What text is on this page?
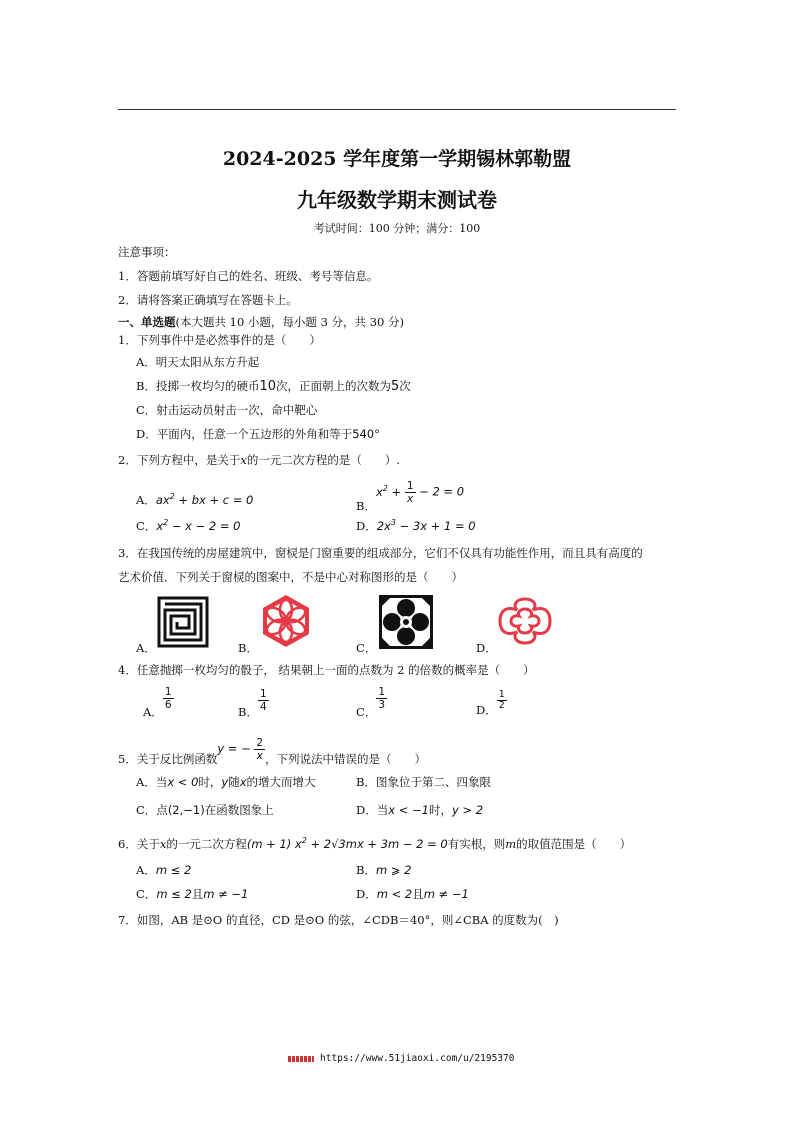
2024-2025 学年度第一学期锡林郭勒盟
九年级数学期末测试卷
考试时间：100 分钟；满分：100
注意事项：
1．答题前填写好自己的姓名、班级、考号等信息。
2．请将答案正确填写在答题卡上。
一、单选题(本大题共 10 小题，每小题 3 分，共 30 分)
1．下列事件中是必然事件的是（　　）
A．明天太阳从东方升起
B．投掷一枚均匀的硬币10次，正面朝上的次数为5次
C．射击运动员射击一次，命中靶心
D．平面内，任意一个五边形的外角和等于540°
2．下列方程中，是关于x的一元二次方程的是（　　）.
A．$ax^2$ + bx + c = 0	B．$x^2 + \frac{1}{x} - 2 = 0$
C．$x^2 - x - 2 = 0$	D．$2x^3 - 3x + 1 = 0$
3．在我国传统的房屋建筑中，窗棂是门窗重要的组成部分，它们不仅具有功能性作用，而且具有高度的
艺术价值．下列关于窗棂的图案中，不是中心对称图形的是（　　）
A．	B．	C．	D．
4．任意抛掷一枚均匀的骰子， 结果朝上一面的点数为 2 的倍数的概率是（　　）
A．
$\frac{1}{6}$
B． $\frac{1}{4}$	C．
$\frac{1}{3}$	D． $\frac{1}{2}$
5．关于反比例函数y = − $\frac{2}{x}$ ，下列说法中错误的是（　　）
A．当x < 0时，y随x的增大而增大	B．图象位于第二、四象限
C．点(2,−1)在函数图象上	D．当x < −1时，y > 2
6．关于x的一元二次方程(m + 1) $x^2 + 2√3mx + 3m - 2 = 0$有实根，则m的取值范围是（　　）
A．m ≤ 2	B．m ⩾ 2
C．m ≤ 2且m ≠ −1	D．m < 2且m ≠ −1
7．如图，AB 是⊙O 的直径，CD 是⊙O 的弦，∠CDB＝40°，则∠CBA 的度数为(　)
https://www.51jiaoxi.com/u/2195370
